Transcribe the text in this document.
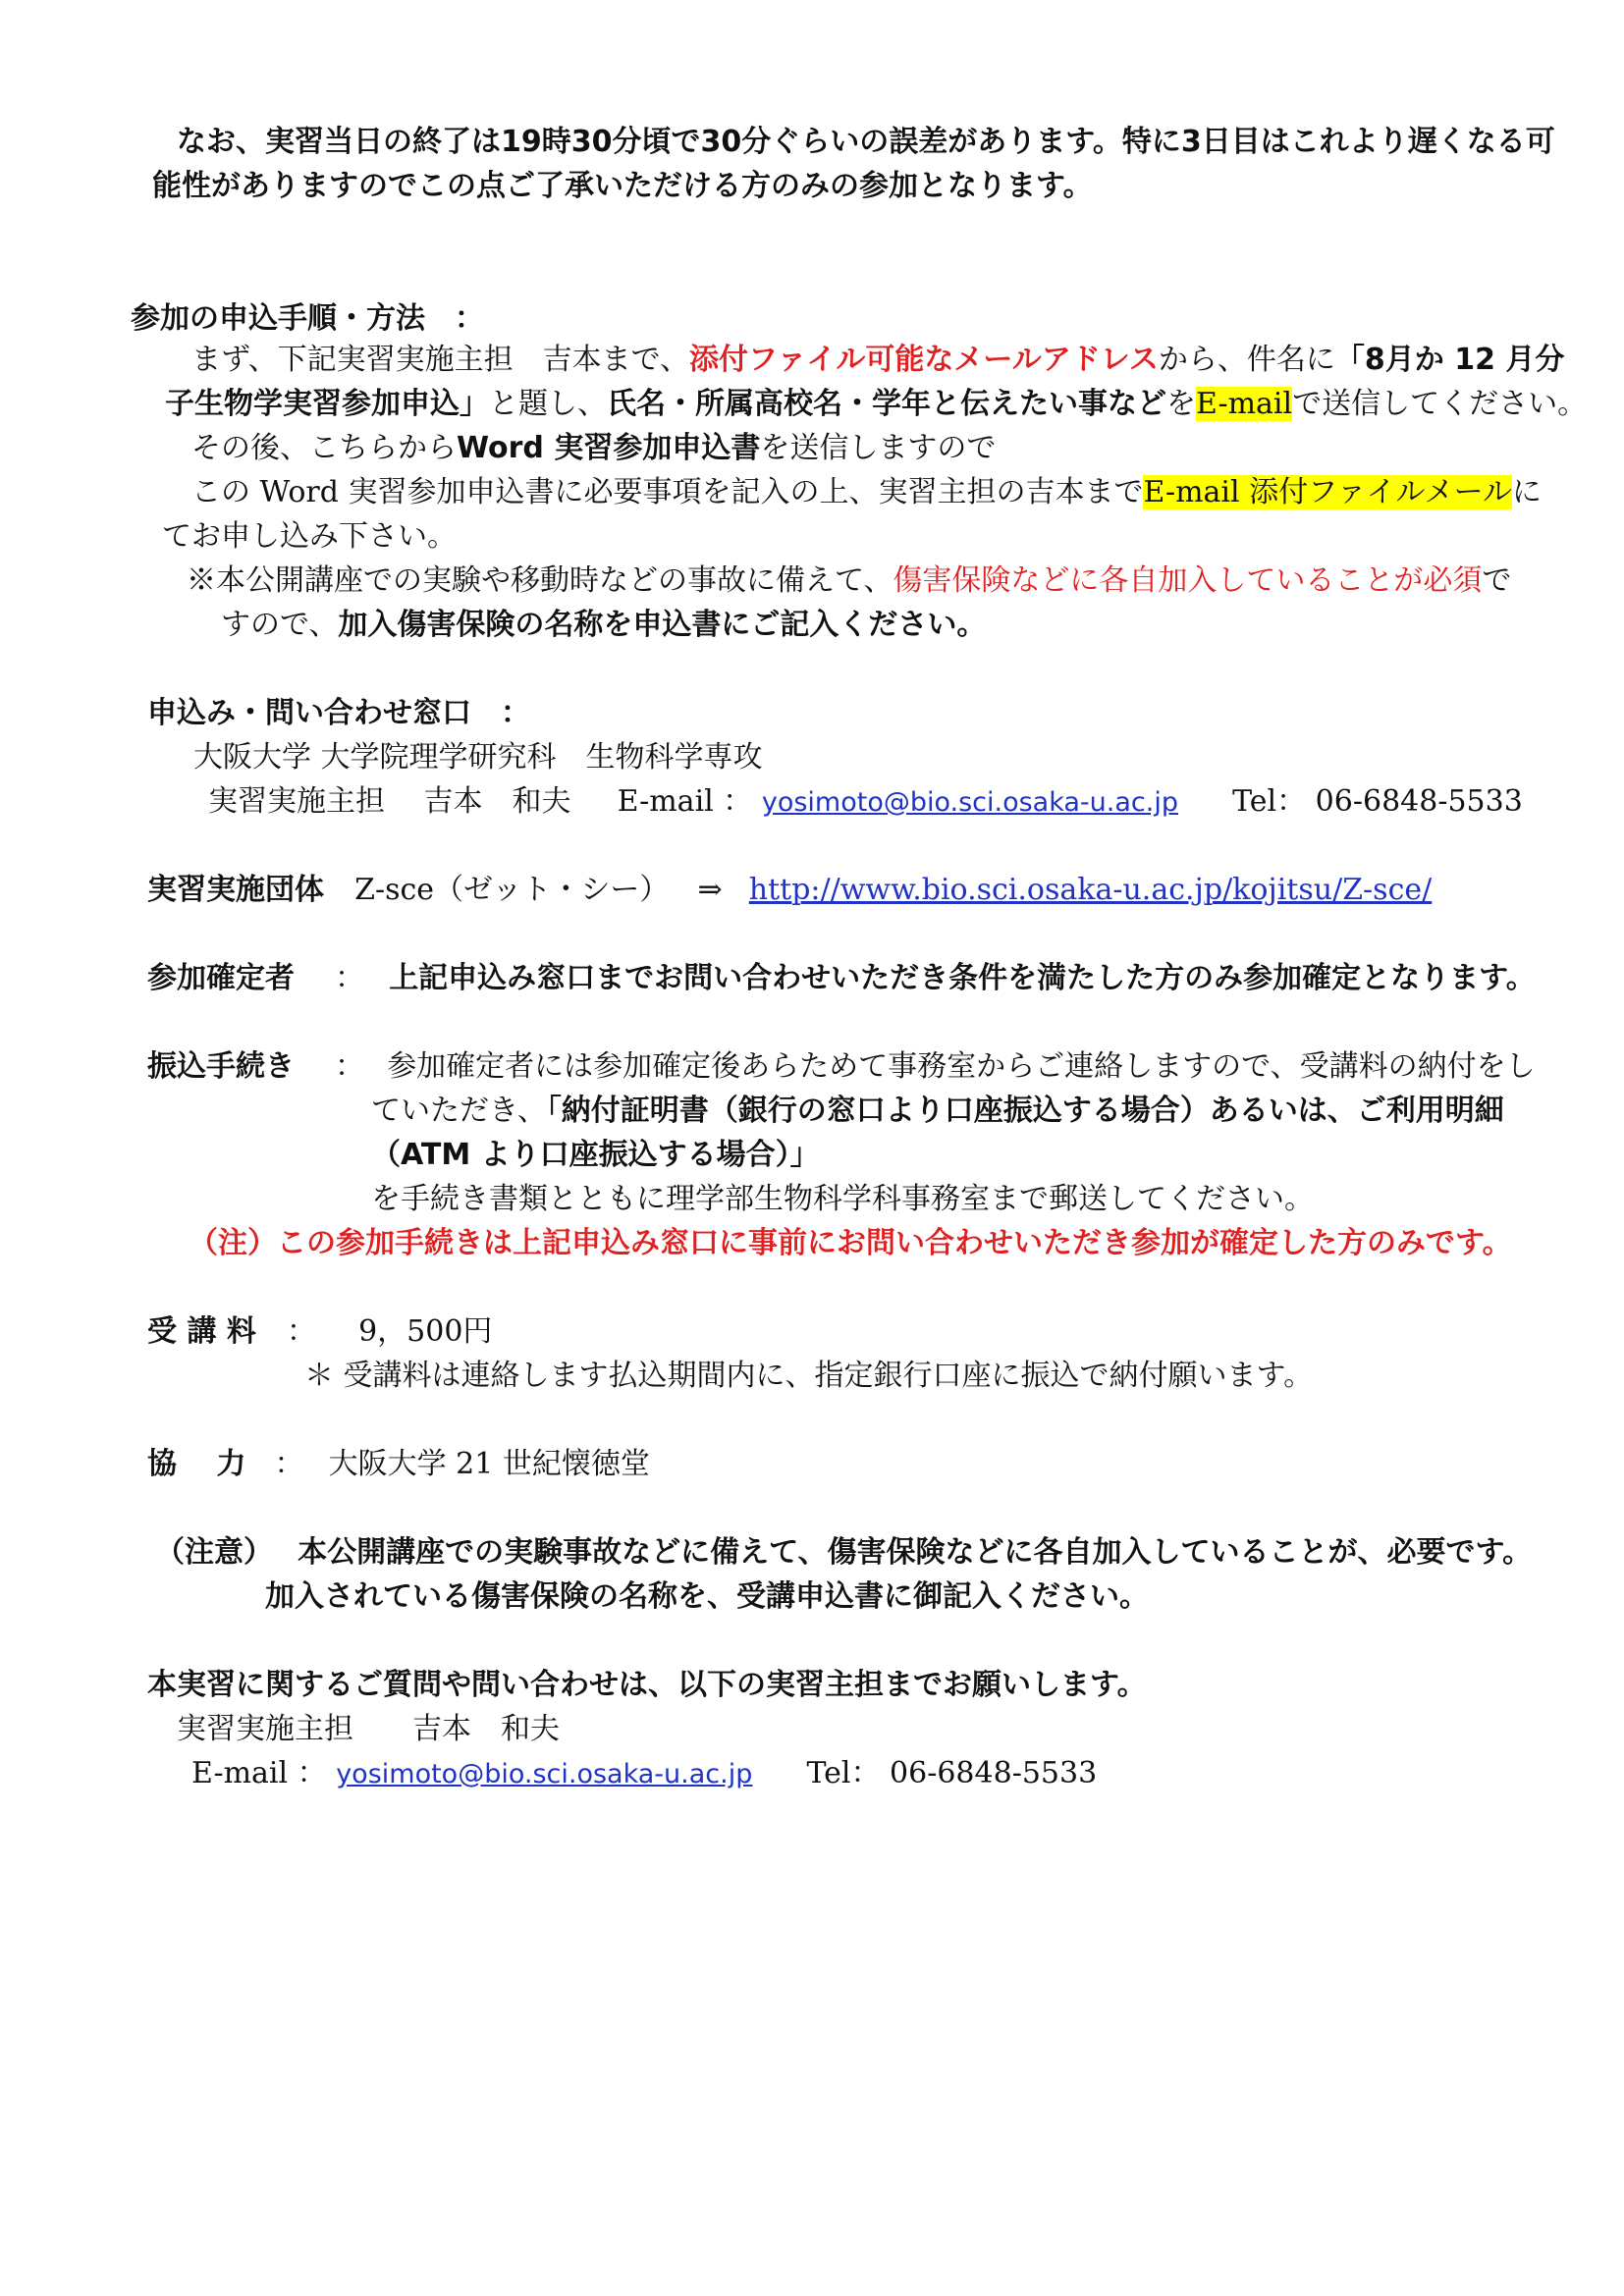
なお、実習当日の終了は19時30分頃で30分ぐらいの誤差があります。特に3日目はこれより遅くなる可
能性がありますのでこの点ご了承いただける方のみの参加となります。
参加の申込手順・方法　：
まず、下記実習実施主担　吉本まで、添付ファイル可能なメールアドレスから、件名に「8月か 12 月分
子生物学実習参加申込」と題し、氏名・所属高校名・学年と伝えたい事などをE-mailで送信してください。
その後、こちらからWord 実習参加申込書を送信しますので
この Word 実習参加申込書に必要事項を記入の上、実習主担の吉本までE-mail 添付ファイルメールに
てお申し込み下さい。
※本公開講座での実験や移動時などの事故に備えて、傷害保険などに各自加入していることが必須で
すので、加入傷害保険の名称を申込書にご記入ください。
申込み・問い合わせ窓口　：
大阪大学 大学院理学研究科　生物科学専攻
実習実施主担　 吉本　和夫 E-mail ： yosimoto@bio.sci.osaka-u.ac.jp Tel： 06-6848-5533
実習実施団体 Z-sce（ゼット・シー） ⇒ http://www.bio.sci.osaka-u.ac.jp/kojitsu/Z-sce/
参加確定者 ： 上記申込み窓口までお問い合わせいただき条件を満たした方のみ参加確定となります。
振込手続き ： 参加確定者には参加確定後あらためて事務室からご連絡しますので、受講料の納付をし
ていただき、「納付証明書（銀行の窓口より口座振込する場合）あるいは、ご利用明細
（ATM より口座振込する場合）」
を手続き書類とともに理学部生物科学科事務室まで郵送してください。
（注）この参加手続きは上記申込み窓口に事前にお問い合わせいただき参加が確定した方のみです。
受 講 料 ： 9，500円
＊ 受講料は連絡します払込期間内に、指定銀行口座に振込で納付願います。
協　 力 ： 大阪大学 21 世紀懐徳堂
（注意） 本公開講座での実験事故などに備えて、傷害保険などに各自加入していることが、必要です。
加入されている傷害保険の名称を、受講申込書に御記入ください。
本実習に関するご質問や問い合わせは、以下の実習主担までお願いします。
実習実施主担　　吉本　和夫
E-mail ： yosimoto@bio.sci.osaka-u.ac.jp Tel： 06-6848-5533
